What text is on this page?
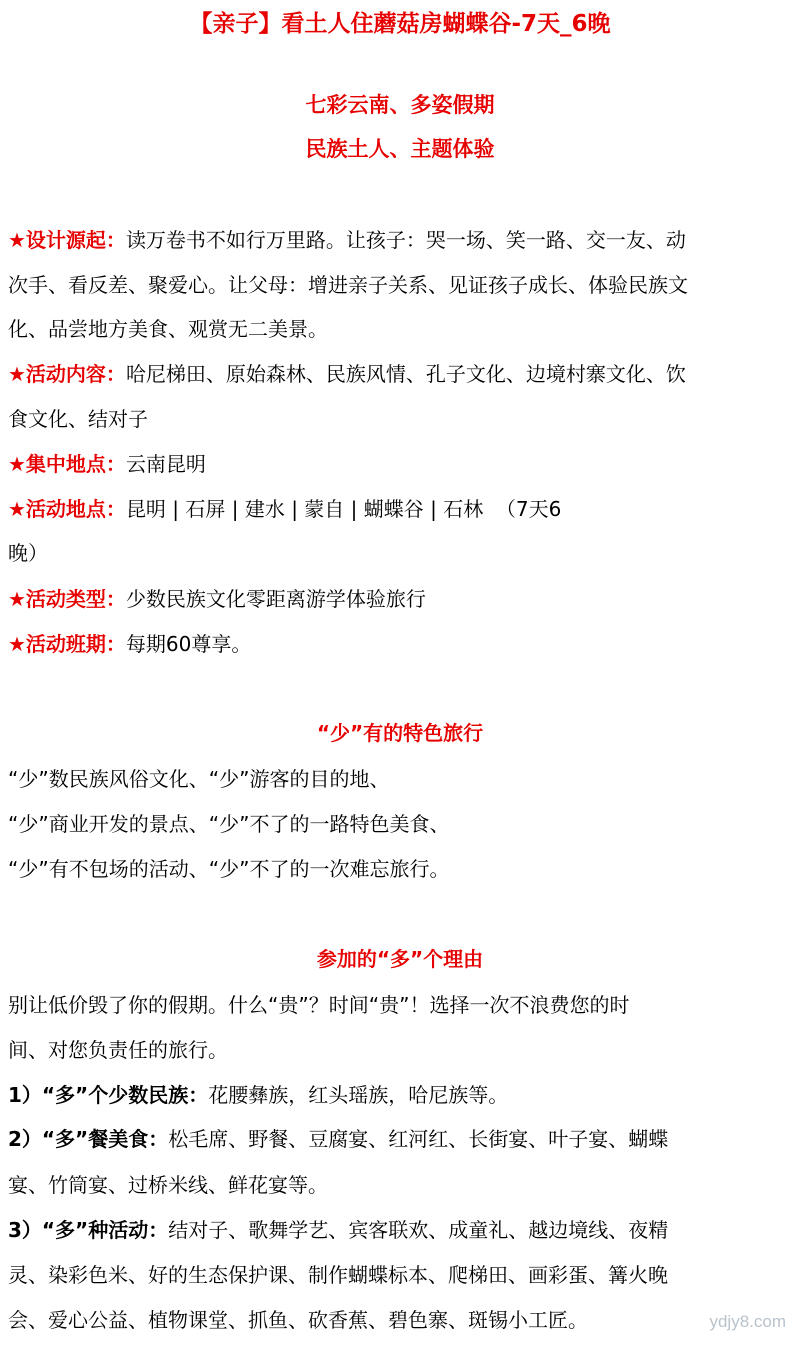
【亲子】看土人住蘑菇房蝴蝶谷-7天_6晚
七彩云南、多姿假期
民族土人、主题体验
★设计源起：读万卷书不如行万里路。让孩子：哭一场、笑一路、交一友、动
次手、看反差、聚爱心。让父母：增进亲子关系、见证孩子成长、体验民族文
化、品尝地方美食、观赏无二美景。
★活动内容：哈尼梯田、原始森林、民族风情、孔子文化、边境村寨文化、饮
食文化、结对子
★集中地点：云南昆明
★活动地点：昆明 | 石屏 | 建水 | 蒙自 | 蝴蝶谷 | 石林  （7天6
晚）
★活动类型：少数民族文化零距离游学体验旅行
★活动班期：每期60尊享。
“少”有的特色旅行
“少”数民族风俗文化、“少”游客的目的地、
“少”商业开发的景点、“少”不了的一路特色美食、
“少”有不包场的活动、“少”不了的一次难忘旅行。
参加的“多”个理由
别让低价毁了你的假期。什么“贵”？时间“贵”！选择一次不浪费您的时
间、对您负责任的旅行。
1）“多”个少数民族：花腰彝族，红头瑶族，哈尼族等。
2）“多”餐美食：松毛席、野餐、豆腐宴、红河红、长街宴、叶子宴、蝴蝶
宴、竹筒宴、过桥米线、鲜花宴等。
3）“多”种活动：结对子、歌舞学艺、宾客联欢、成童礼、越边境线、夜精
灵、染彩色米、好的生态保护课、制作蝴蝶标本、爬梯田、画彩蛋、篝火晚
会、爱心公益、植物课堂、抓鱼、砍香蕉、碧色寨、斑锡小工匠。	ydjy8.com
